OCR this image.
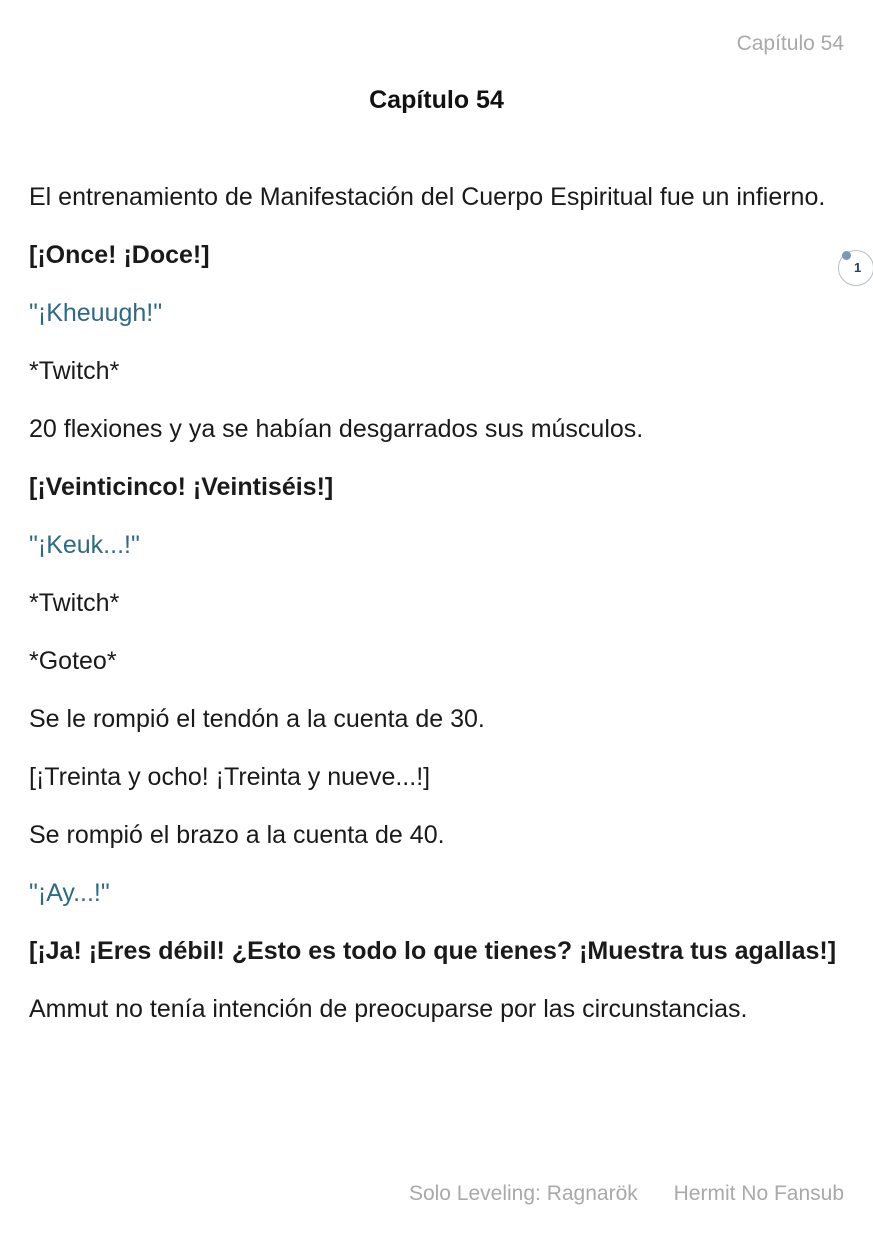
Capítulo 54
Capítulo 54

El entrenamiento de Manifestación del Cuerpo Espiritual fue un infierno.

[¡Once! ¡Doce!]

"¡Kheuugh!"

*Twitch*

20 flexiones y ya se habían desgarrados sus músculos.

[¡Veinticinco! ¡Veintiséis!]

"¡Keuk...!"

*Twitch*

*Goteo*

Se le rompió el tendón a la cuenta de 30.

[¡Treinta y ocho! ¡Treinta y nueve...!]

Se rompió el brazo a la cuenta de 40.

"¡Ay...!"

[¡Ja! ¡Eres débil! ¿Esto es todo lo que tienes? ¡Muestra tus agallas!]

Ammut no tenía intención de preocuparse por las circunstancias.

1
Solo Leveling: Ragnarök Hermit No Fansub
